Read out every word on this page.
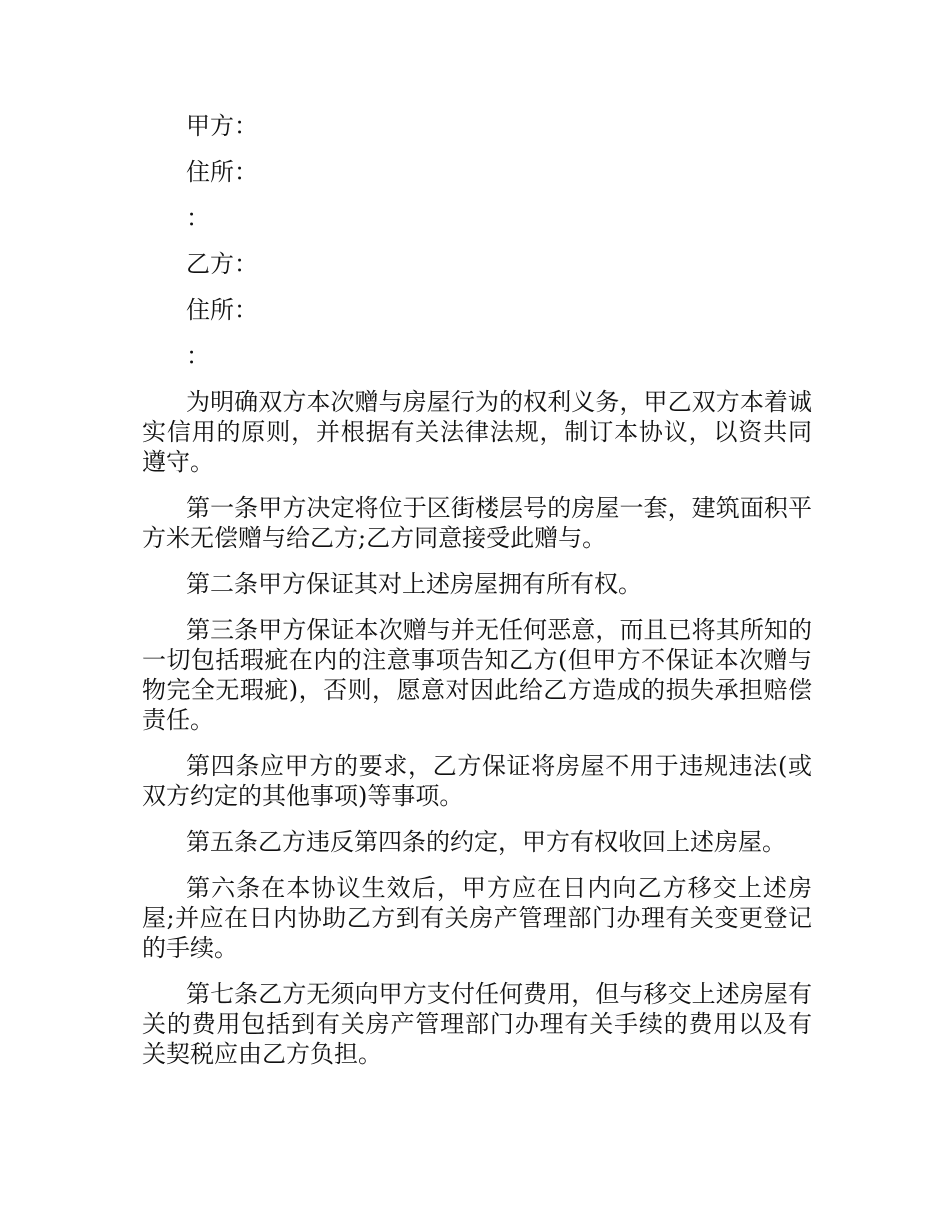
甲方：

住所：

：

乙方：

住所：

：

为明确双方本次赠与房屋行为的权利义务，甲乙双方本着诚实信用的原则，并根据有关法律法规，制订本协议，以资共同遵守。

第一条甲方决定将位于区街楼层号的房屋一套，建筑面积平方米无偿赠与给乙方;乙方同意接受此赠与。

第二条甲方保证其对上述房屋拥有所有权。

第三条甲方保证本次赠与并无任何恶意，而且已将其所知的一切包括瑕疵在内的注意事项告知乙方(但甲方不保证本次赠与物完全无瑕疵)，否则，愿意对因此给乙方造成的损失承担赔偿责任。

第四条应甲方的要求，乙方保证将房屋不用于违规违法(或双方约定的其他事项)等事项。

第五条乙方违反第四条的约定，甲方有权收回上述房屋。

第六条在本协议生效后，甲方应在日内向乙方移交上述房屋;并应在日内协助乙方到有关房产管理部门办理有关变更登记的手续。

第七条乙方无须向甲方支付任何费用，但与移交上述房屋有关的费用包括到有关房产管理部门办理有关手续的费用以及有关契税应由乙方负担。
